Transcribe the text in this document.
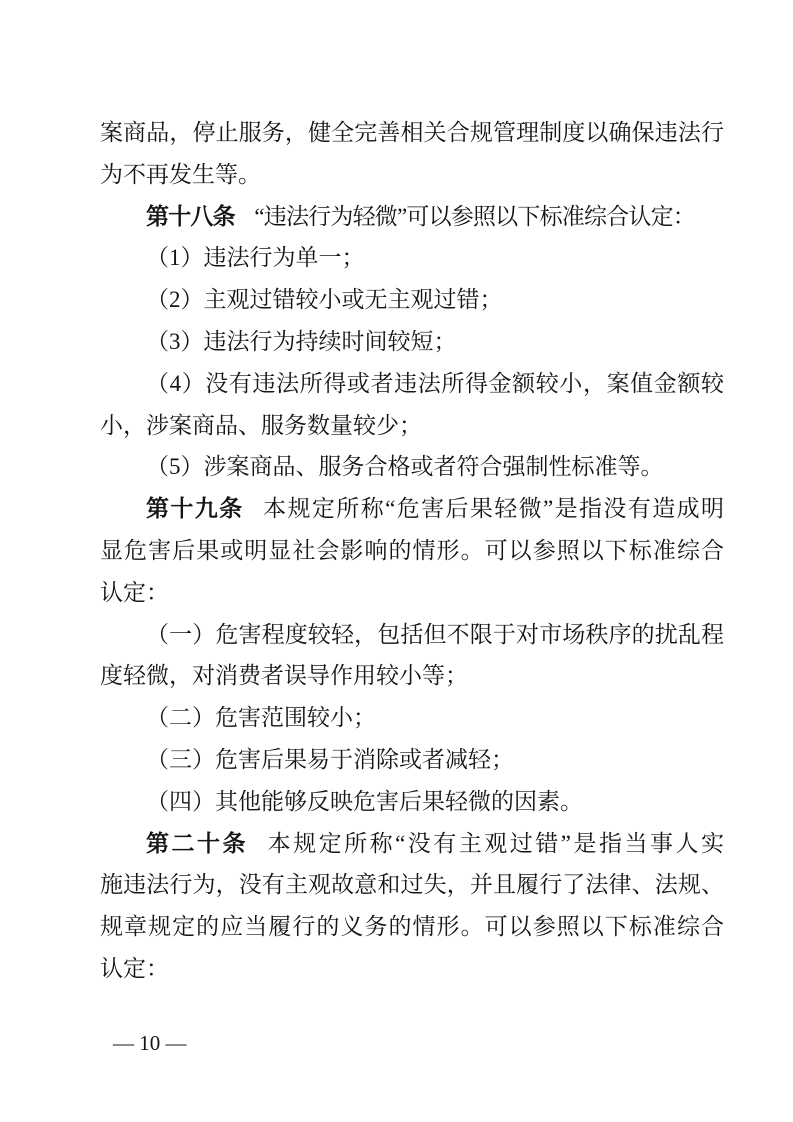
案商品，停止服务，健全完善相关合规管理制度以确保违法行
为不再发生等。
第十八条 “违法行为轻微”可以参照以下标准综合认定：
（1）违法行为单一；
（2）主观过错较小或无主观过错；
（3）违法行为持续时间较短；
（4）没有违法所得或者违法所得金额较小，案值金额较
小，涉案商品、服务数量较少；
（5）涉案商品、服务合格或者符合强制性标准等。
第十九条 本规定所称“危害后果轻微”是指没有造成明
显危害后果或明显社会影响的情形。可以参照以下标准综合
认定：
（一）危害程度较轻，包括但不限于对市场秩序的扰乱程
度轻微，对消费者误导作用较小等；
（二）危害范围较小；
（三）危害后果易于消除或者减轻；
（四）其他能够反映危害后果轻微的因素。
第二十条 本规定所称“没有主观过错”是指当事人实
施违法行为，没有主观故意和过失，并且履行了法律、法规、
规章规定的应当履行的义务的情形。可以参照以下标准综合
认定：
— 10 —
